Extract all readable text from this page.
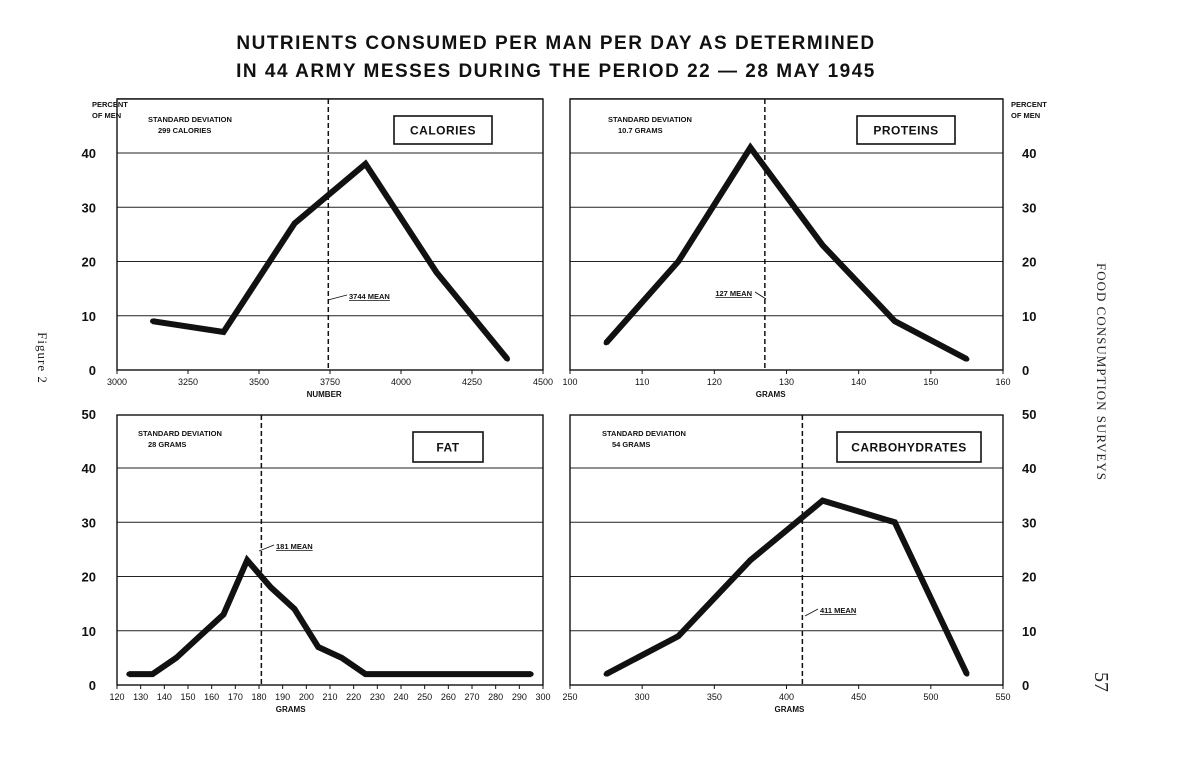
NUTRIENTS CONSUMED PER MAN PER DAY AS DETERMINED
IN 44 ARMY MESSES DURING THE PERIOD 22 — 28 MAY 1945
PERCENT
OF MEN
PERCENT
OF MEN
0
10
20
30
40
0
10
20
30
40
50
0
10
20
30
40
0
10
20
30
40
50
3000	3250	3500	3750	4000	4250	4500
NUMBER
3744 MEAN
STANDARD DEVIATION
299 CALORIES	CALORIES
100	110	120	130	140	150	160
GRAMS
127 MEAN
STANDARD DEVIATION
10.7 GRAMS	PROTEINS
120 130 140 150 160 170 180 190 200 210 220 230 240 250 260 270 280 290 300
GRAMS
181 MEAN
STANDARD DEVIATION
28 GRAMS	FAT
250	300	350	400	450	500	550
GRAMS
411 MEAN
STANDARD DEVIATION
54 GRAMS	CARBOHYDRATES
Figure 2	FOOD CONSUMPTION SURVEYS
57
